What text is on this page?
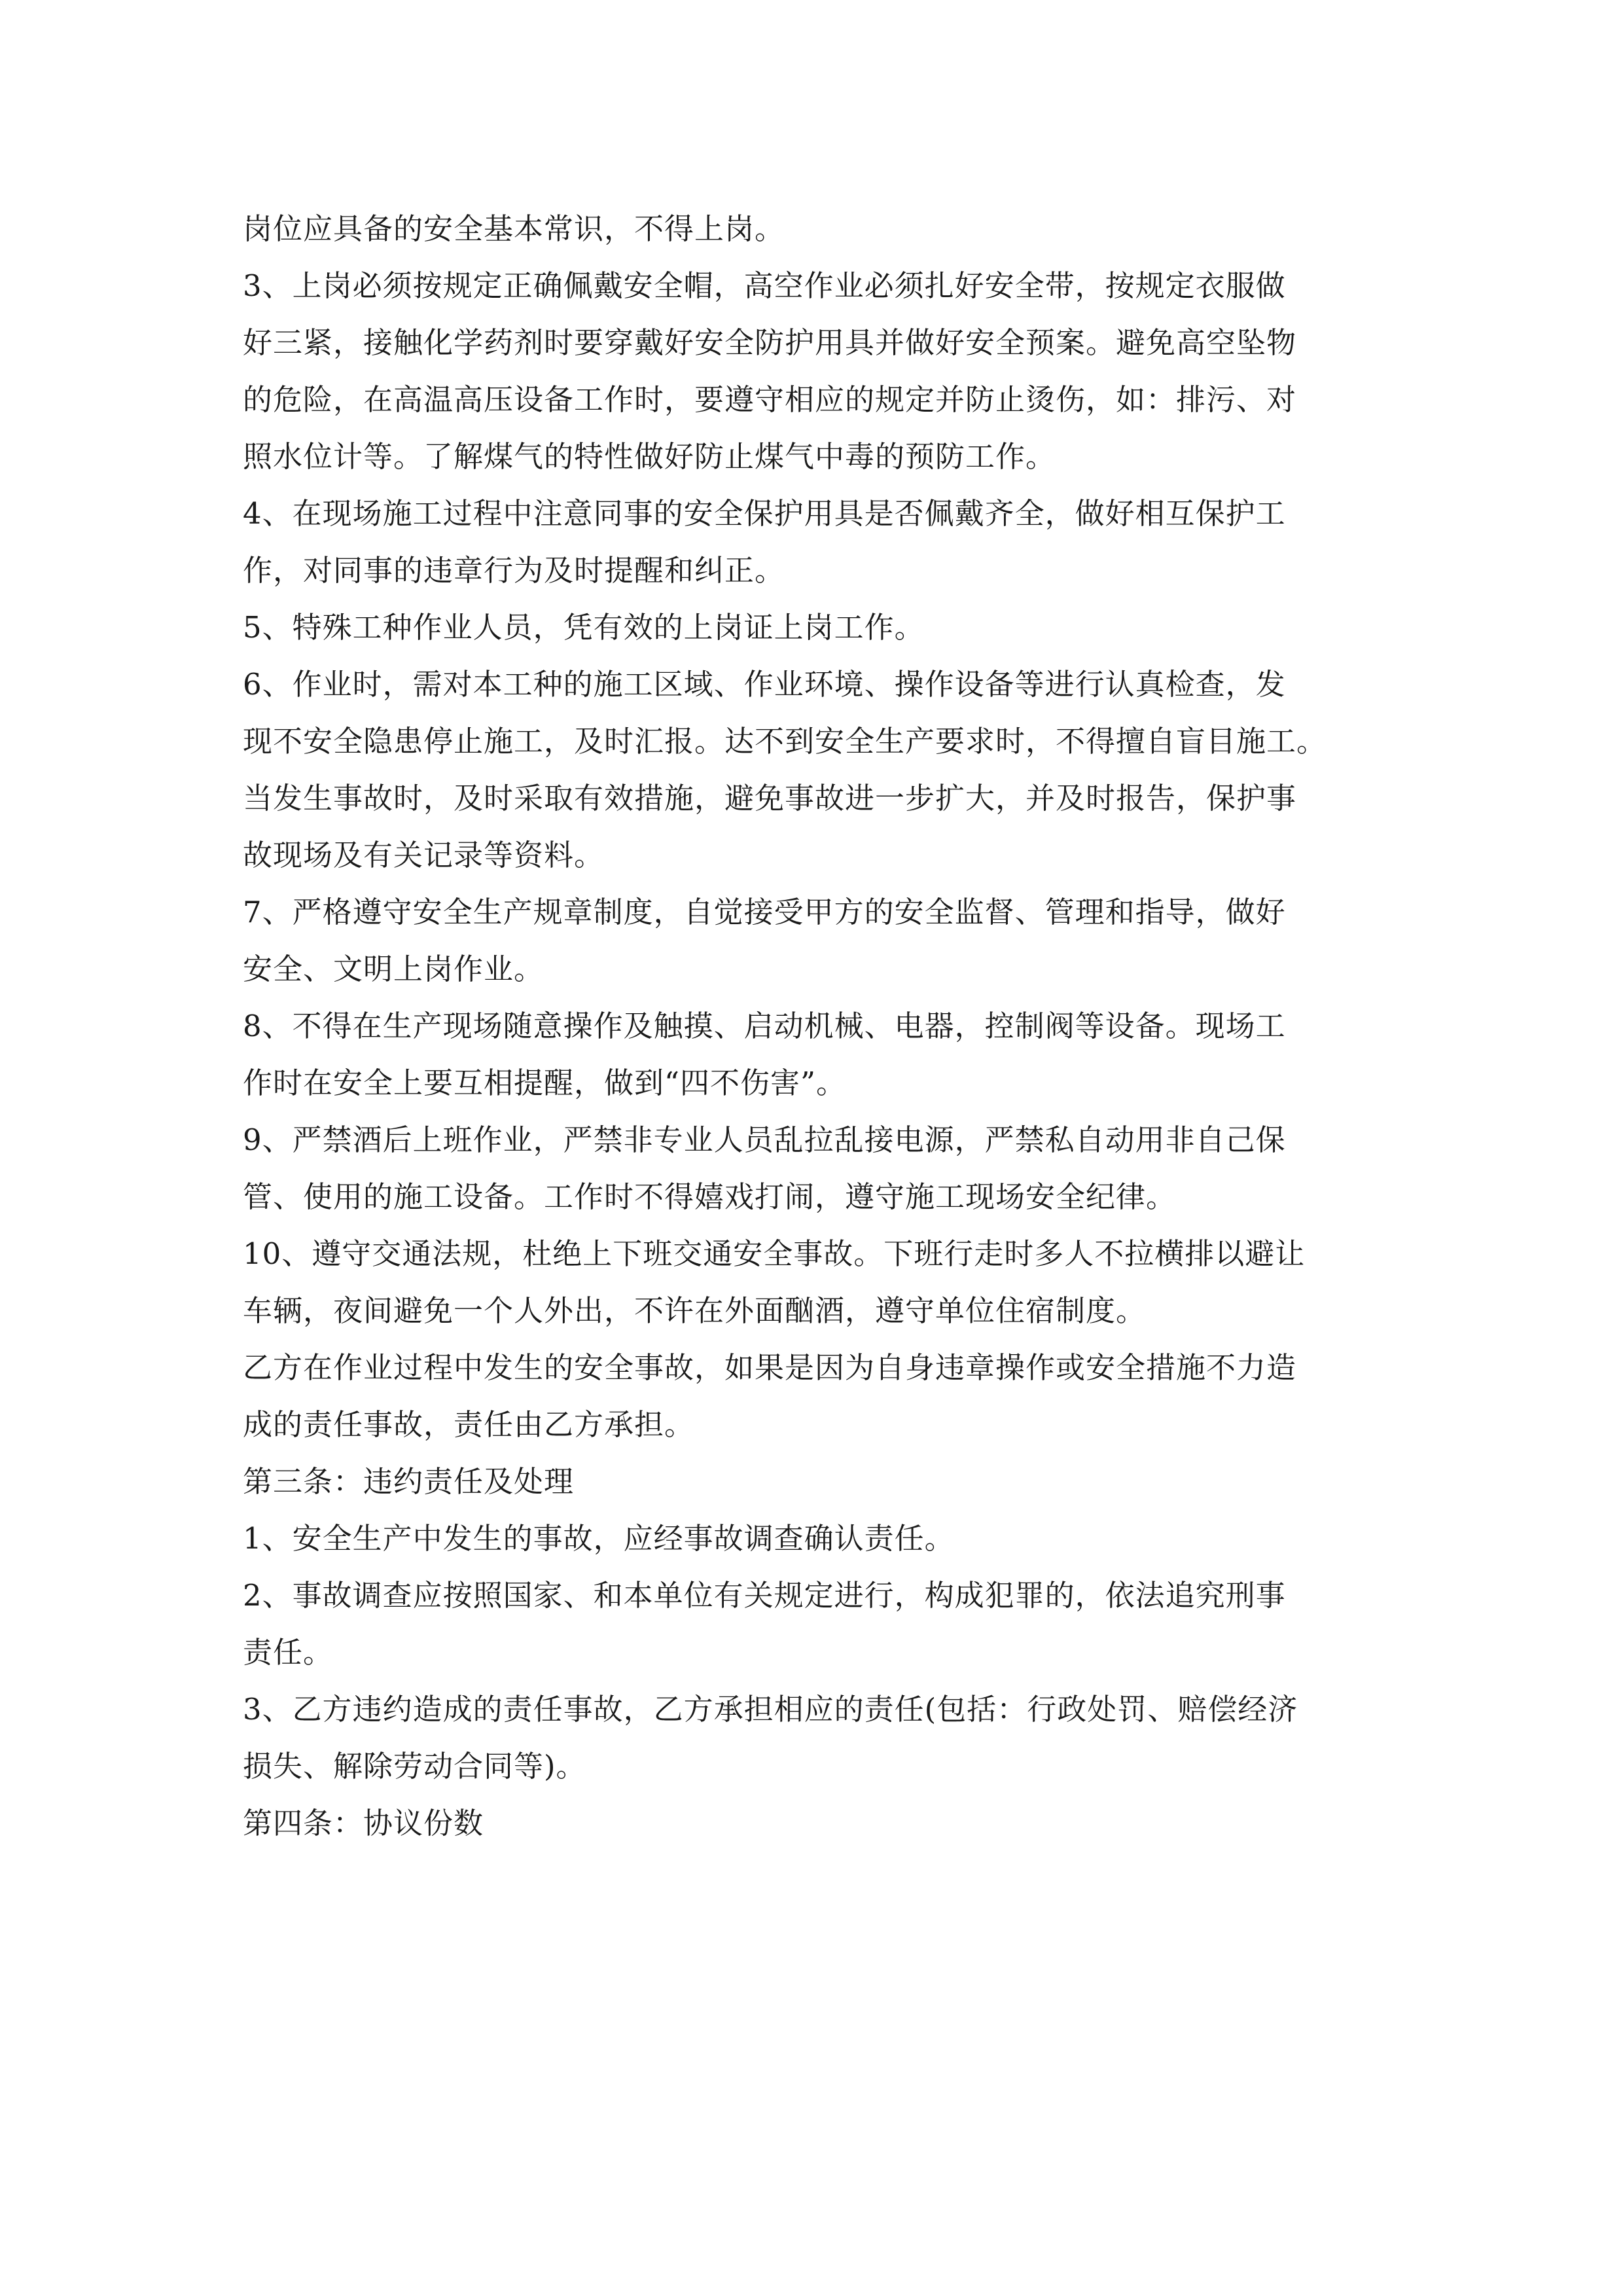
岗位应具备的安全基本常识，不得上岗。
3、上岗必须按规定正确佩戴安全帽，高空作业必须扎好安全带，按规定衣服做
好三紧，接触化学药剂时要穿戴好安全防护用具并做好安全预案。避免高空坠物
的危险，在高温高压设备工作时，要遵守相应的规定并防止烫伤，如：排污、对
照水位计等。了解煤气的特性做好防止煤气中毒的预防工作。
4、在现场施工过程中注意同事的安全保护用具是否佩戴齐全，做好相互保护工
作，对同事的违章行为及时提醒和纠正。
5、特殊工种作业人员，凭有效的上岗证上岗工作。
6、作业时，需对本工种的施工区域、作业环境、操作设备等进行认真检查，发
现不安全隐患停止施工，及时汇报。达不到安全生产要求时，不得擅自盲目施工。
当发生事故时，及时采取有效措施，避免事故进一步扩大，并及时报告，保护事
故现场及有关记录等资料。
7、严格遵守安全生产规章制度，自觉接受甲方的安全监督、管理和指导，做好
安全、文明上岗作业。
8、不得在生产现场随意操作及触摸、启动机械、电器，控制阀等设备。现场工
作时在安全上要互相提醒，做到“四不伤害”。
9、严禁酒后上班作业，严禁非专业人员乱拉乱接电源，严禁私自动用非自己保
管、使用的施工设备。工作时不得嬉戏打闹，遵守施工现场安全纪律。
10、遵守交通法规，杜绝上下班交通安全事故。下班行走时多人不拉横排以避让
车辆，夜间避免一个人外出，不许在外面酗酒，遵守单位住宿制度。
乙方在作业过程中发生的安全事故，如果是因为自身违章操作或安全措施不力造
成的责任事故，责任由乙方承担。
第三条：违约责任及处理
1、安全生产中发生的事故，应经事故调查确认责任。
2、事故调查应按照国家、和本单位有关规定进行，构成犯罪的，依法追究刑事
责任。
3、乙方违约造成的责任事故，乙方承担相应的责任(包括：行政处罚、赔偿经济
损失、解除劳动合同等)。
第四条：协议份数
